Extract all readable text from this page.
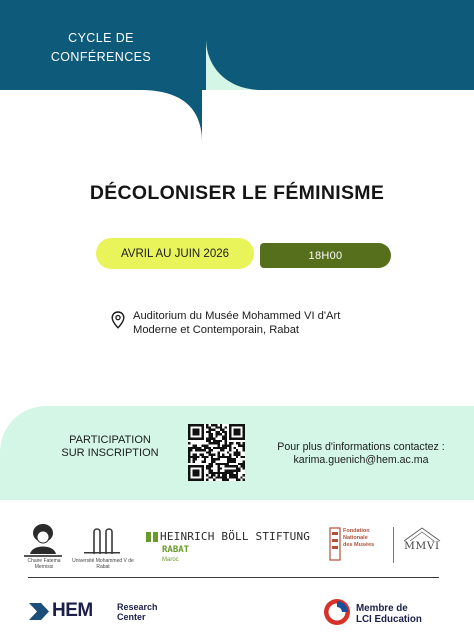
CYCLE DE
CONFÉRENCES
DÉCOLONISER LE FÉMINISME
AVRIL AU JUIN 2026	18H00
Auditorium du Musée Mohammed VI d'Art
Moderne et Contemporain, Rabat
PARTICIPATION
SUR INSCRIPTION	Pour plus d'informations contactez :
karima.guenich@hem.ac.ma
Chaire Fatema Mernissi
Université Mohammed V de Rabat
HEINRICH BÖLL STIFTUNG
RABAT
Maroc
Fondation
Nationale
des Musées	MMVI
HEM	Research
Center
Membre de
LCI Education
